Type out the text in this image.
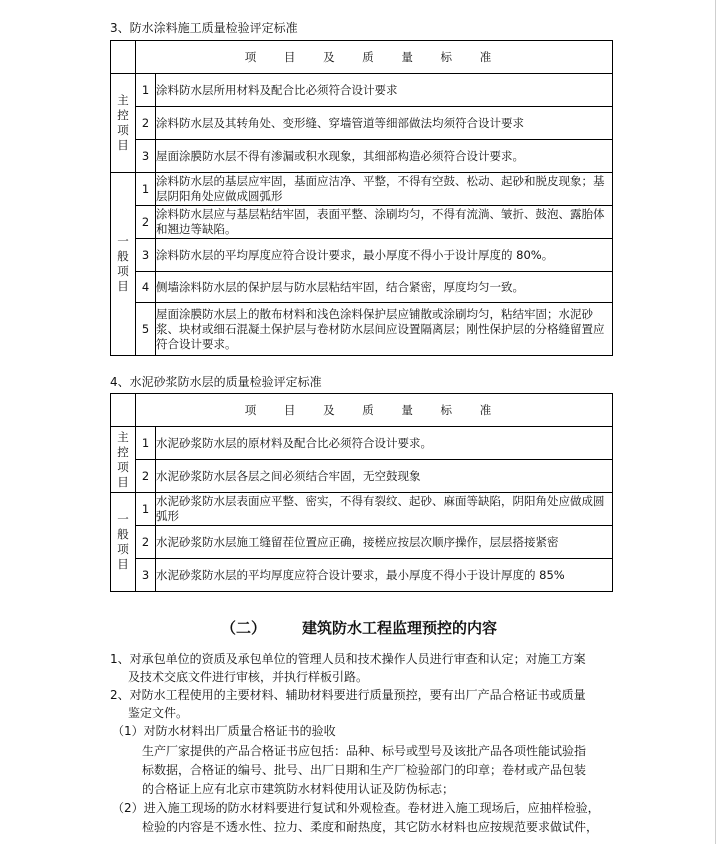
3、防水涂料施工质量检验评定标准
	项 目 及 质 量 标 准	

主
控
项
目	1	涂料防水层所用材料及配合比必须符合设计要求
	2	涂料防水层及其转角处、变形缝、穿墙管道等细部做法均须符合设计要求
	3	屋面涂膜防水层不得有渗漏或积水现象，其细部构造必须符合设计要求。

一
般
项
目	1	涂料防水层的基层应牢固，基面应洁净、平整，不得有空鼓、松动、起砂和脱皮现象；基层阴阳角处应做成圆弧形
	2	涂料防水层应与基层粘结牢固，表面平整、涂刷均匀，不得有流淌、皱折、鼓泡、露胎体和翘边等缺陷。
	3	涂料防水层的平均厚度应符合设计要求，最小厚度不得小于设计厚度的 80%。
	4	侧墙涂料防水层的保护层与防水层粘结牢固，结合紧密，厚度均匀一致。
	5	屋面涂膜防水层上的散布材料和浅色涂料保护层应铺散或涂刷均匀，粘结牢固；水泥砂浆、块材或细石混凝土保护层与卷材防水层间应设置隔离层；刚性保护层的分格缝留置应符合设计要求。
4、水泥砂浆防水层的质量检验评定标准
	项 目 及 质 量 标 准	

主
控
项
目	1	水泥砂浆防水层的原材料及配合比必须符合设计要求。
	2	水泥砂浆防水层各层之间必须结合牢固，无空鼓现象

一
般
项
目	1	水泥砂浆防水层表面应平整、密实，不得有裂纹、起砂、麻面等缺陷，阴阳角处应做成圆弧形
	2	水泥砂浆防水层施工缝留茬位置应正确，接槎应按层次顺序操作，层层搭接紧密
	3	水泥砂浆防水层的平均厚度应符合设计要求，最小厚度不得小于设计厚度的 85%
（二） 建筑防水工程监理预控的内容
1、对承包单位的资质及承包单位的管理人员和技术操作人员进行审查和认定；对施工方案
及技术交底文件进行审核，并执行样板引路。
2、对防水工程使用的主要材料、辅助材料要进行质量预控，要有出厂产品合格证书或质量
鉴定文件。
（1）对防水材料出厂质量合格证书的验收
生产厂家提供的产品合格证书应包括：品种、标号或型号及该批产品各项性能试验指
标数据，合格证的编号、批号、出厂日期和生产厂检验部门的印章；卷材或产品包装
的合格证上应有北京市建筑防水材料使用认证及防伪标志；
（2）进入施工现场的防水材料要进行复试和外观检查。卷材进入施工现场后，应抽样检验，
检验的内容是不透水性、拉力、柔度和耐热度，其它防水材料也应按规范要求做试件，
